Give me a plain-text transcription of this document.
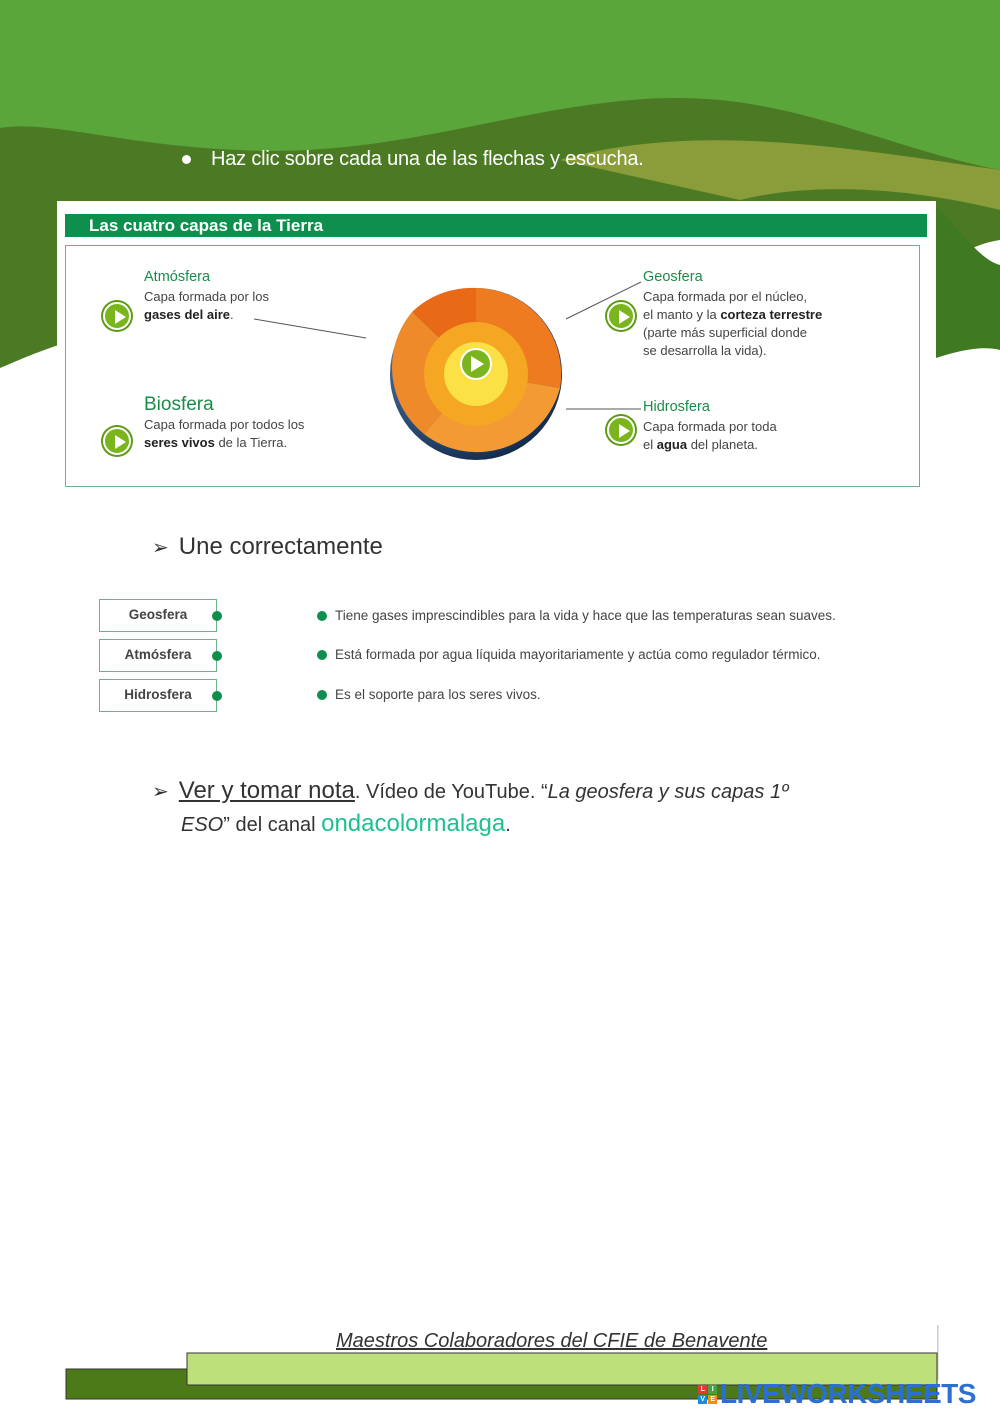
Haz clic sobre cada una de las flechas y escucha.
Las cuatro capas de la Tierra
Atmósfera
Capa formada por los
gases del aire.
Biosfera
Capa formada por todos los
seres vivos de la Tierra.
Geosfera
Capa formada por el núcleo,
el manto y la corteza terrestre
(parte más superficial donde
se desarrolla la vida).
Hidrosfera
Capa formada por toda
el agua del planeta.
➢ Une correctamente
Geosfera
Atmósfera
Hidrosfera
Tiene gases imprescindibles para la vida y hace que las temperaturas sean suaves.
Está formada por agua líquida mayoritariamente y actúa como regulador térmico.
Es el soporte para los seres vivos.
➢ Ver y tomar nota. Vídeo de YouTube. “La geosfera y sus capas 1º
ESO” del canal ondacolormalaga.
Maestros Colaboradores del CFIE de Benavente
L	I
V E LIVEWORKSHEETS
